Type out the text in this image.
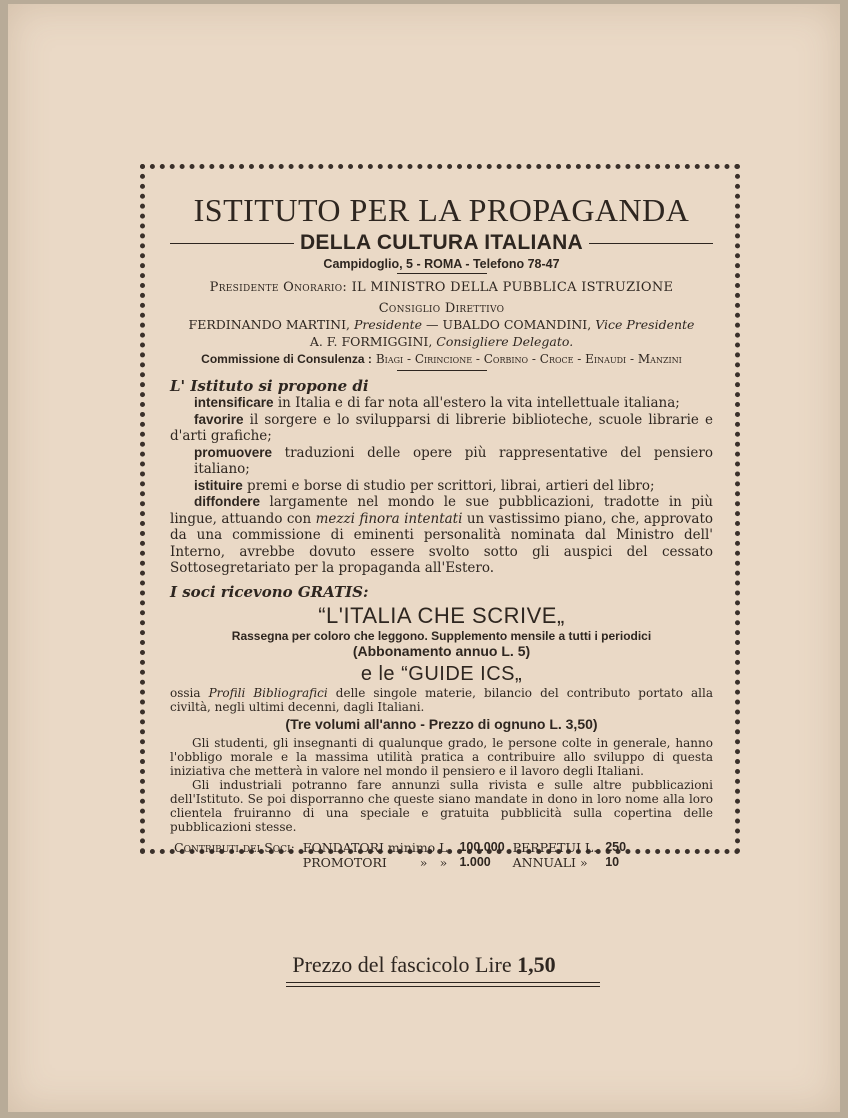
ISTITUTO PER LA PROPAGANDA
DELLA CULTURA ITALIANA
Campidoglio, 5 - ROMA - Telefono 78-47
Presidente Onorario: IL MINISTRO DELLA PUBBLICA ISTRUZIONE
Consiglio Direttivo
FERDINANDO MARTINI, Presidente — UBALDO COMANDINI, Vice Presidente
A. F. FORMIGGINI, Consigliere Delegato.
Commissione di Consulenza : Biagi - Cirincione - Corbino - Croce - Einaudi - Manzini
L' Istituto si propone di
intensificare in Italia e di far nota all'estero la vita intellettuale italiana;
favorire il sorgere e lo svilupparsi di librerie biblioteche, scuole librarie e d'arti grafiche;
promuovere traduzioni delle opere più rappresentative del pensiero italiano;
istituire premi e borse di studio per scrittori, librai, artieri del libro;
diffondere largamente nel mondo le sue pubblicazioni, tradotte in più lingue, attuando con mezzi finora intentati un vastissimo piano, che, approvato da una commissione di eminenti personalità nominata dal Ministro dell' Interno, avrebbe dovuto essere svolto sotto gli auspici del cessato Sottosegretariato per la propaganda all'Estero.
I soci ricevono GRATIS:
“L'ITALIA CHE SCRIVE„
Rassegna per coloro che leggono. Supplemento mensile a tutti i periodici
(Abbonamento annuo L. 5)
e le “GUIDE ICS„
ossia Profili Bibliografici delle singole materie, bilancio del contributo portato alla civiltà, negli ultimi decenni, dagli Italiani.
(Tre volumi all'anno - Prezzo di ognuno L. 3,50)
Gli studenti, gli insegnanti di qualunque grado, le persone colte in generale, hanno l'obbligo morale e la massima utilità pratica a contribuire allo sviluppo di questa iniziativa che metterà in valore nel mondo il pensiero e il lavoro degli Italiani.
Gli industriali potranno fare annunzi sulla rivista e sulle altre pubblicazioni dell'Istituto. Se poi disporranno che queste siano mandate in dono in loro nome alla loro clientela fruiranno di una speciale e gratuita pubblicità sulla copertina delle pubblicazioni stesse.
Contributi dei Soci:	FONDATORI minimo L.			100.000	PERPETUI L.	250
	PROMOTORI	»	»	1.000	ANNUALI »	10
Prezzo del fascicolo Lire 1,50
